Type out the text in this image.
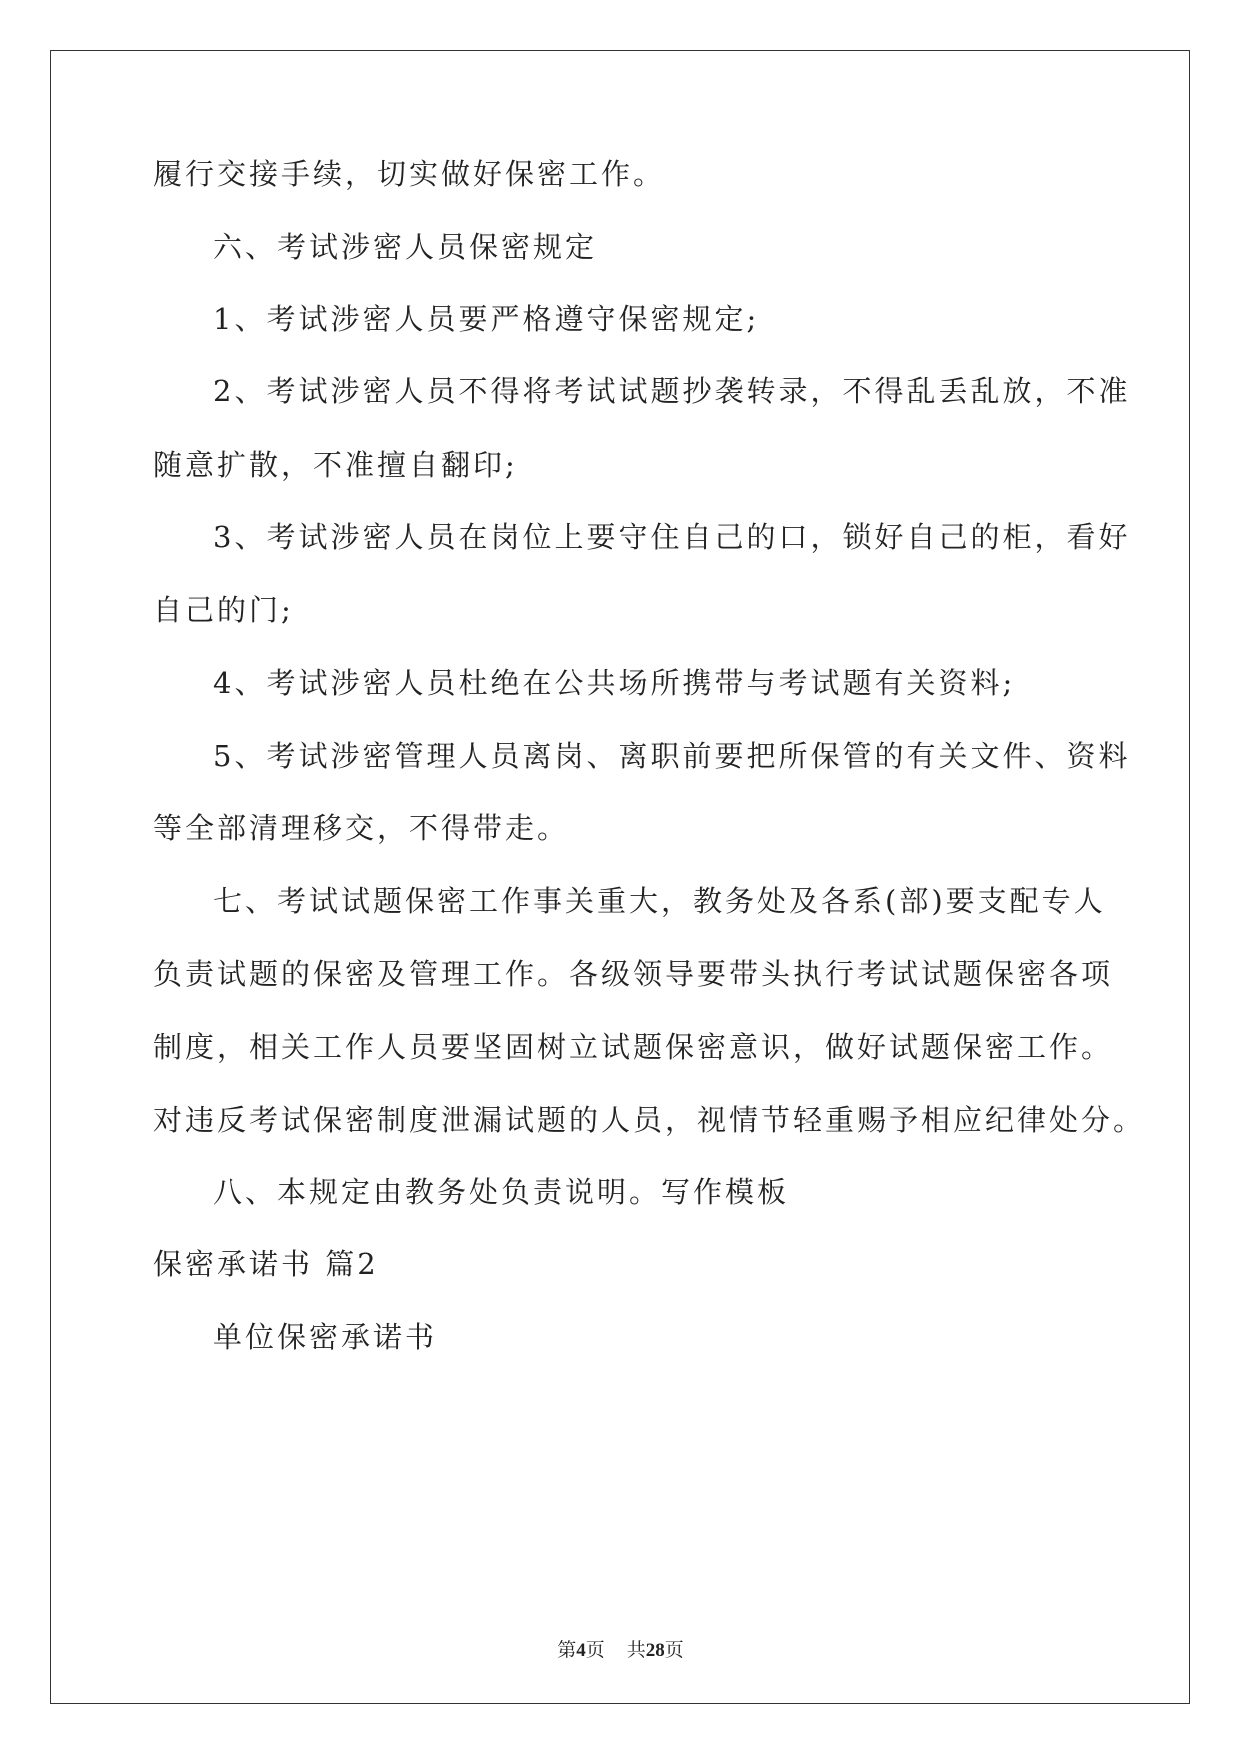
履行交接手续，切实做好保密工作。
六、考试涉密人员保密规定
1、考试涉密人员要严格遵守保密规定;
2、考试涉密人员不得将考试试题抄袭转录，不得乱丢乱放，不准
随意扩散，不准擅自翻印;
3、考试涉密人员在岗位上要守住自己的口，锁好自己的柜，看好
自己的门;
4、考试涉密人员杜绝在公共场所携带与考试题有关资料;
5、考试涉密管理人员离岗、离职前要把所保管的有关文件、资料
等全部清理移交，不得带走。
七、考试试题保密工作事关重大，教务处及各系(部)要支配专人
负责试题的保密及管理工作。各级领导要带头执行考试试题保密各项
制度，相关工作人员要坚固树立试题保密意识，做好试题保密工作。
对违反考试保密制度泄漏试题的人员，视情节轻重赐予相应纪律处分。
八、本规定由教务处负责说明。写作模板
保密承诺书 篇2
单位保密承诺书
第4页 共28页
